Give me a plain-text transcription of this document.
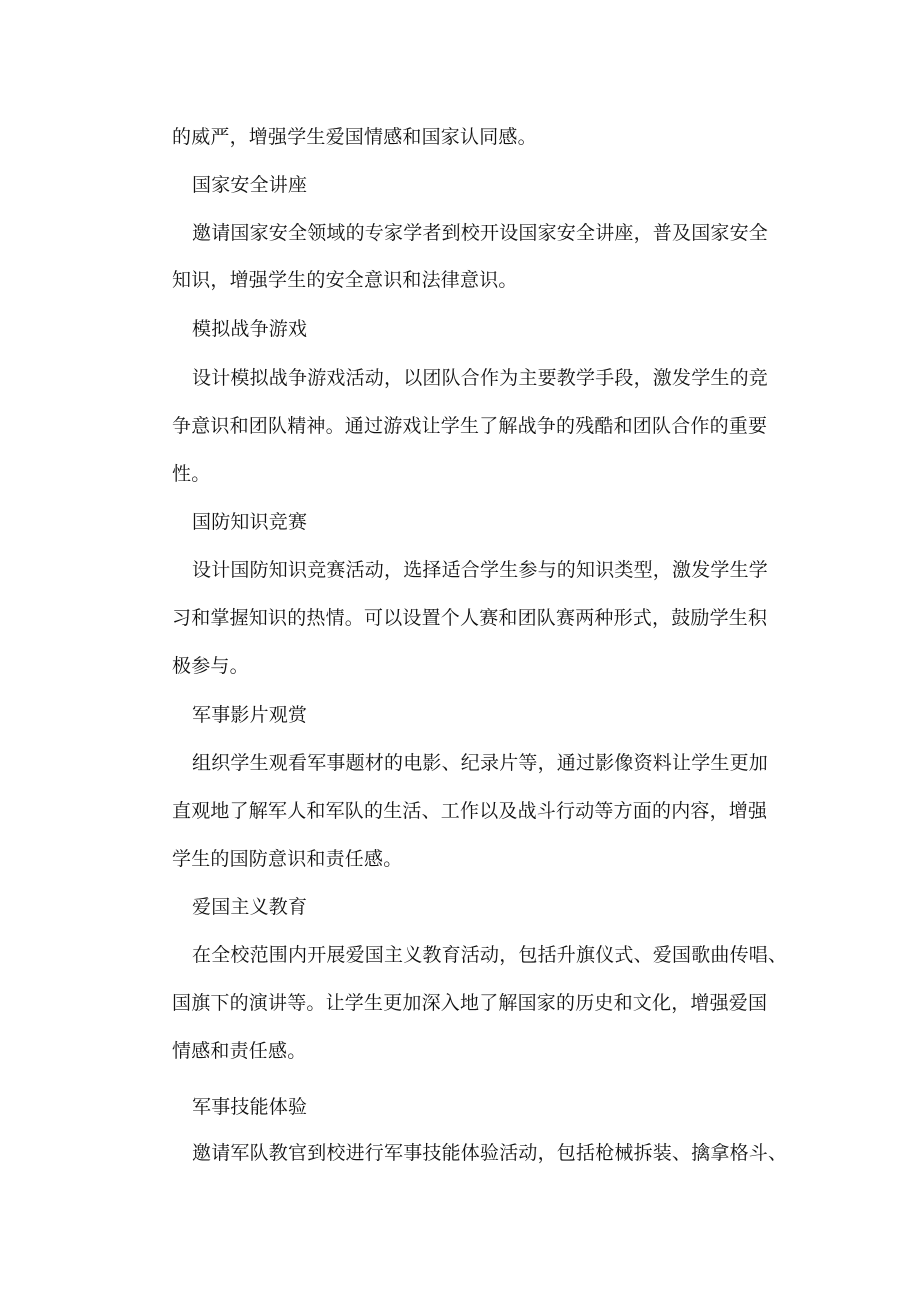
的威严，增强学生爱国情感和国家认同感。
国家安全讲座
邀请国家安全领域的专家学者到校开设国家安全讲座，普及国家安全
知识，增强学生的安全意识和法律意识。
模拟战争游戏
设计模拟战争游戏活动，以团队合作为主要教学手段，激发学生的竞
争意识和团队精神。通过游戏让学生了解战争的残酷和团队合作的重要
性。
国防知识竞赛
设计国防知识竞赛活动，选择适合学生参与的知识类型，激发学生学
习和掌握知识的热情。可以设置个人赛和团队赛两种形式，鼓励学生积
极参与。
军事影片观赏
组织学生观看军事题材的电影、纪录片等，通过影像资料让学生更加
直观地了解军人和军队的生活、工作以及战斗行动等方面的内容，增强
学生的国防意识和责任感。
爱国主义教育
在全校范围内开展爱国主义教育活动，包括升旗仪式、爱国歌曲传唱、
国旗下的演讲等。让学生更加深入地了解国家的历史和文化，增强爱国
情感和责任感。
军事技能体验
邀请军队教官到校进行军事技能体验活动，包括枪械拆装、擒拿格斗、
